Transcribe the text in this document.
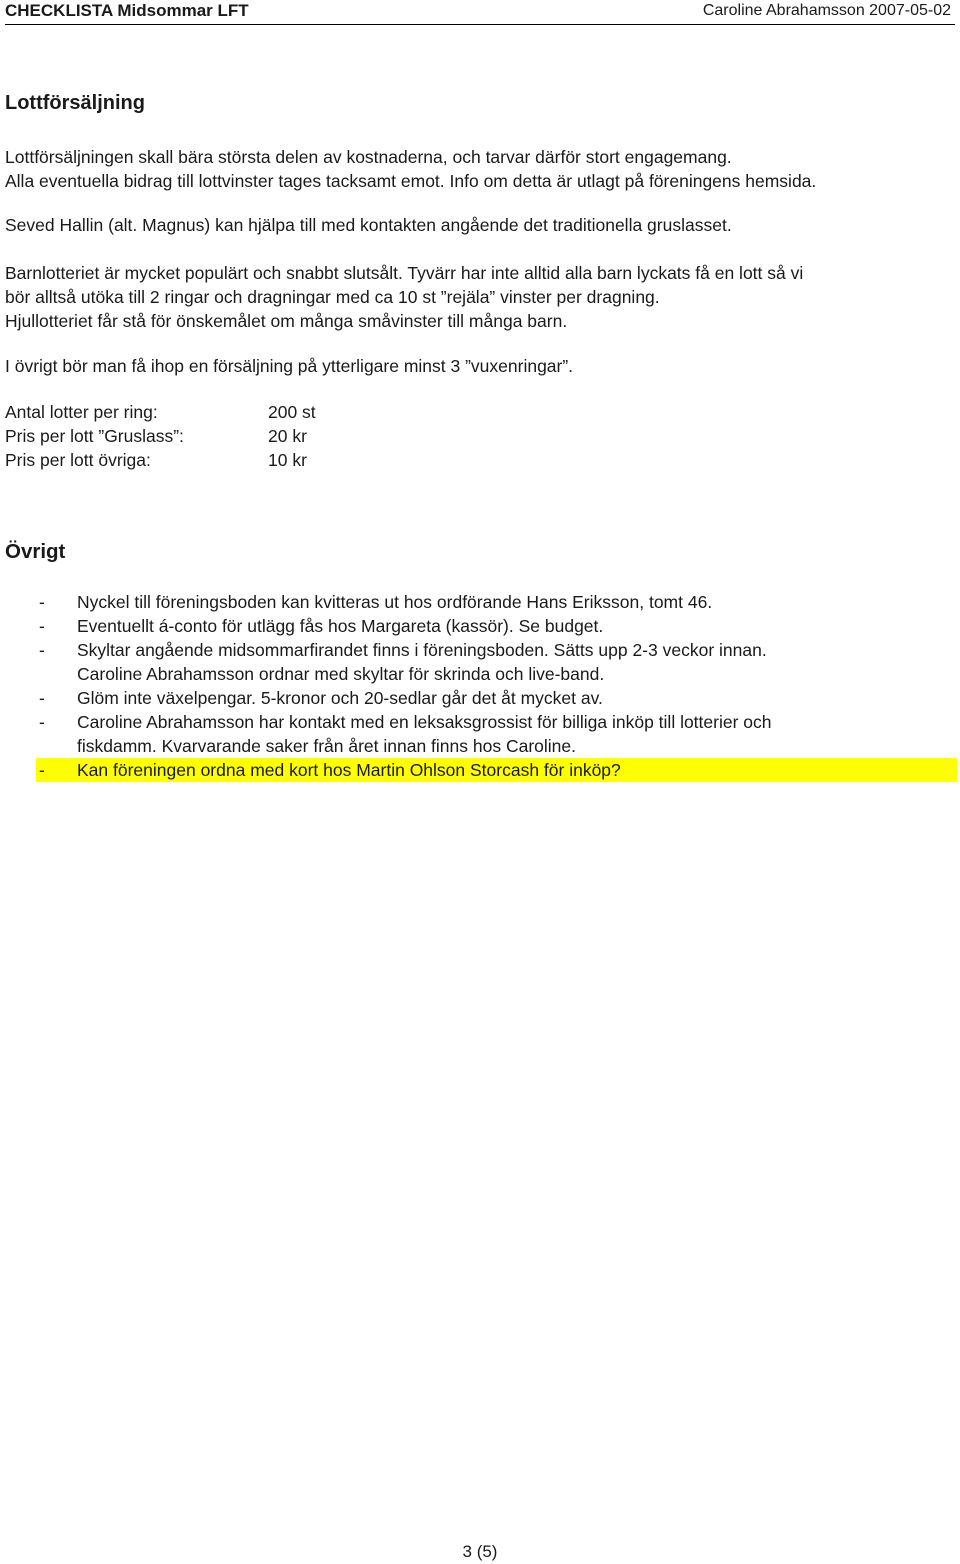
CHECKLISTA Midsommar LFT	Caroline Abrahamsson 2007-05-02
Lottförsäljning
Lottförsäljningen skall bära största delen av kostnaderna, och tarvar därför stort engagemang.
Alla eventuella bidrag till lottvinster tages tacksamt emot. Info om detta är utlagt på föreningens hemsida.
Seved Hallin (alt. Magnus) kan hjälpa till med kontakten angående det traditionella gruslasset.
Barnlotteriet är mycket populärt och snabbt slutsålt. Tyvärr har inte alltid alla barn lyckats få en lott så vi
bör alltså utöka till 2 ringar och dragningar med ca 10 st ”rejäla” vinster per dragning.
Hjullotteriet får stå för önskemålet om många småvinster till många barn.
I övrigt bör man få ihop en försäljning på ytterligare minst 3 ”vuxenringar”.
Antal lotter per ring:	200 st
Pris per lott ”Gruslass”:	20 kr
Pris per lott övriga:	10 kr
Övrigt
- Nyckel till föreningsboden kan kvitteras ut hos ordförande Hans Eriksson, tomt 46.
- Eventuellt á-conto för utlägg fås hos Margareta (kassör). Se budget.
- Skyltar angående midsommarfirandet finns i föreningsboden. Sätts upp 2-3 veckor innan.
Caroline Abrahamsson ordnar med skyltar för skrinda och live-band.
- Glöm inte växelpengar. 5-kronor och 20-sedlar går det åt mycket av.
- Caroline Abrahamsson har kontakt med en leksaksgrossist för billiga inköp till lotterier och
fiskdamm. Kvarvarande saker från året innan finns hos Caroline.
- Kan föreningen ordna med kort hos Martin Ohlson Storcash för inköp?
3 (5)
